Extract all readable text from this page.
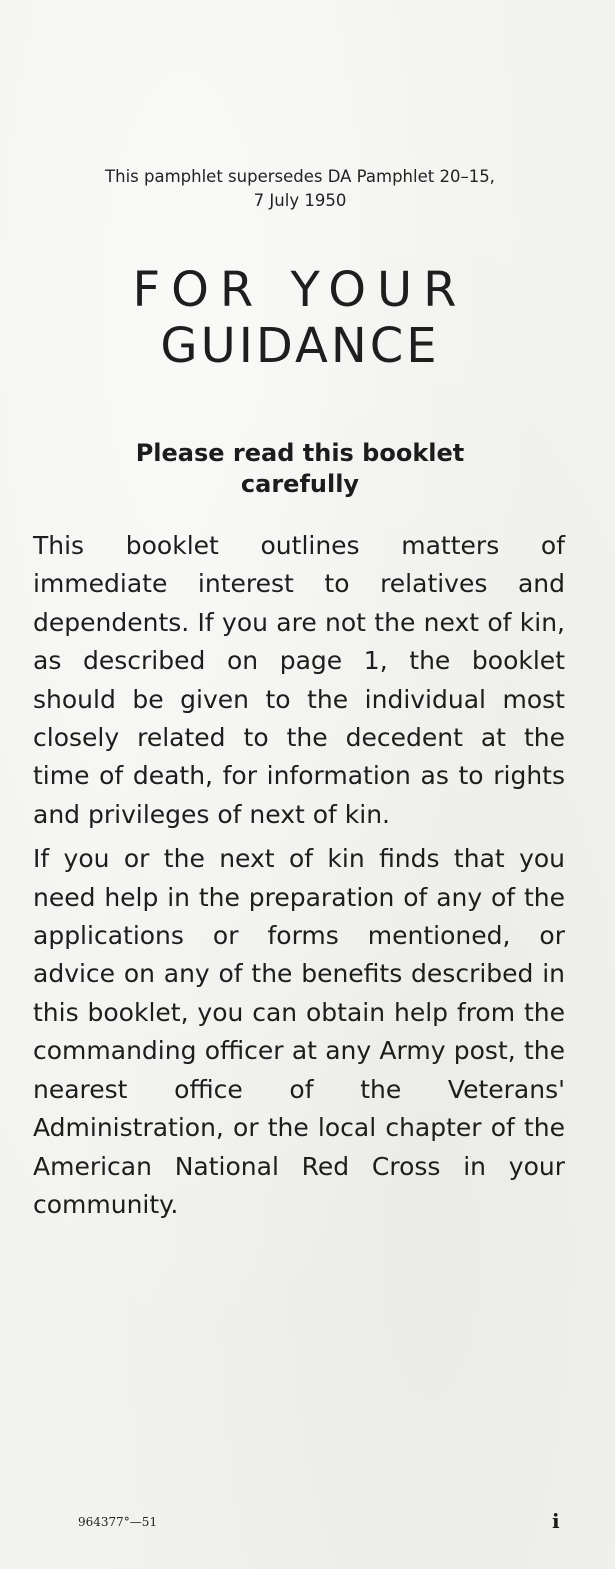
This pamphlet supersedes DA Pamphlet 20–15,
7 July 1950
FOR YOUR
GUIDANCE
Please read this booklet
carefully

This booklet outlines matters of immediate interest to relatives and dependents. If you are not the next of kin, as described on page 1, the booklet should be given to the individual most closely related to the decedent at the time of death, for information as to rights and privileges of next of kin.

If you or the next of kin finds that you need help in the preparation of any of the applications or forms mentioned, or advice on any of the benefits described in this booklet, you can obtain help from the commanding officer at any Army post, the nearest office of the Veterans' Administration, or the local chapter of the American National Red Cross in your community.

964377°—51	i
